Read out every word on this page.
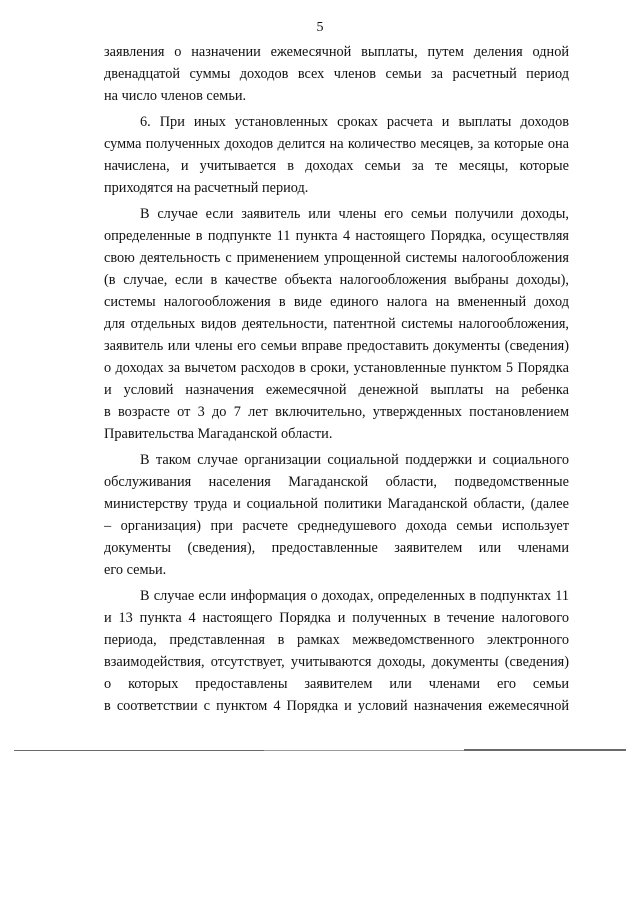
5
заявления о назначении ежемесячной выплаты, путем деления одной
двенадцатой суммы доходов всех членов семьи за расчетный период
на число членов семьи.
6. При иных установленных сроках расчета и выплаты доходов
сумма полученных доходов делится на количество месяцев, за которые она
начислена, и учитывается в доходах семьи за те месяцы, которые
приходятся на расчетный период.
В случае если заявитель или члены его семьи получили доходы,
определенные в подпункте 11 пункта 4 настоящего Порядка, осуществляя
свою деятельность с применением упрощенной системы налогообложения
(в случае, если в качестве объекта налогообложения выбраны доходы),
системы налогообложения в виде единого налога на вмененный доход
для отдельных видов деятельности, патентной системы налогообложения,
заявитель или члены его семьи вправе предоставить документы (сведения)
о доходах за вычетом расходов в сроки, установленные пунктом 5 Порядка
и условий назначения ежемесячной денежной выплаты на ребенка
в возрасте от 3 до 7 лет включительно, утвержденных постановлением
Правительства Магаданской области.
В таком случае организации социальной поддержки и социального
обслуживания населения Магаданской области, подведомственные
министерству труда и социальной политики Магаданской области, (далее
– организация) при расчете среднедушевого дохода семьи использует
документы (сведения), предоставленные заявителем или членами
его семьи.
В случае если информация о доходах, определенных в подпунктах 11
и 13 пункта 4 настоящего Порядка и полученных в течение налогового
периода, представленная в рамках межведомственного электронного
взаимодействия, отсутствует, учитываются доходы, документы (сведения)
о которых предоставлены заявителем или членами его семьи
в соответствии с пунктом 4 Порядка и условий назначения ежемесячной
